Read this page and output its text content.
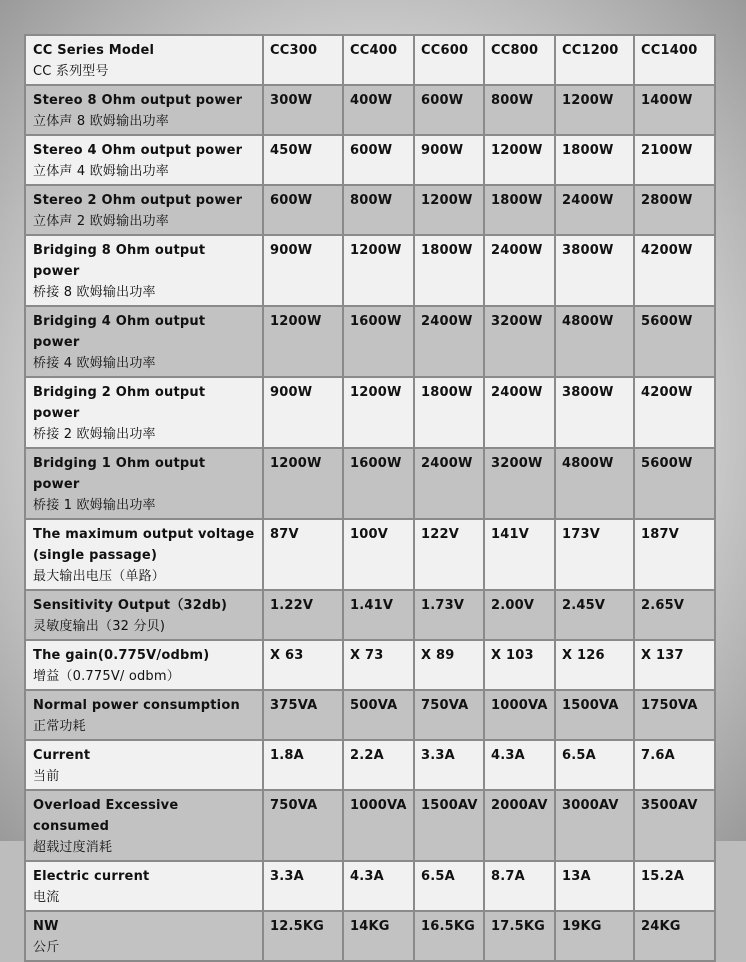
CC Series Model
CC 系列型号	CC300	CC400	CC600	CC800	CC1200	CC1400

Stereo 8 Ohm output power
立体声 8 欧姆输出功率	300W	400W	600W	800W	1200W	1400W

Stereo 4 Ohm output power
立体声 4 欧姆输出功率	450W	600W	900W	1200W	1800W	2100W

Stereo 2 Ohm output power
立体声 2 欧姆输出功率	600W	800W	1200W	1800W	2400W	2800W

Bridging 8 Ohm output power
桥接 8 欧姆输出功率	900W	1200W	1800W	2400W	3800W	4200W

Bridging 4 Ohm output power
桥接 4 欧姆输出功率	1200W	1600W	2400W	3200W	4800W	5600W

Bridging 2 Ohm output power
桥接 2 欧姆输出功率	900W	1200W	1800W	2400W	3800W	4200W

Bridging 1 Ohm output power
桥接 1 欧姆输出功率	1200W	1600W	2400W	3200W	4800W	5600W

The maximum output voltage
(single passage)
最大输出电压（单路）	87V	100V	122V	141V	173V	187V

Sensitivity Output（32db)
灵敏度输出（32 分贝)	1.22V	1.41V	1.73V	2.00V	2.45V	2.65V

The gain(0.775V/odbm)
增益（0.775V/ odbm）	X 63	X 73	X 89	X 103	X 126	X 137

Normal power consumption
正常功耗	375VA	500VA	750VA	1000VA	1500VA	1750VA

Current
当前	1.8A	2.2A	3.3A	4.3A	6.5A	7.6A

Overload Excessive consumed
超载过度消耗	750VA	1000VA	1500AV	2000AV	3000AV	3500AV

Electric current
电流	3.3A	4.3A	6.5A	8.7A	13A	15.2A

NW
公斤	12.5KG	14KG	16.5KG	17.5KG	19KG	24KG
